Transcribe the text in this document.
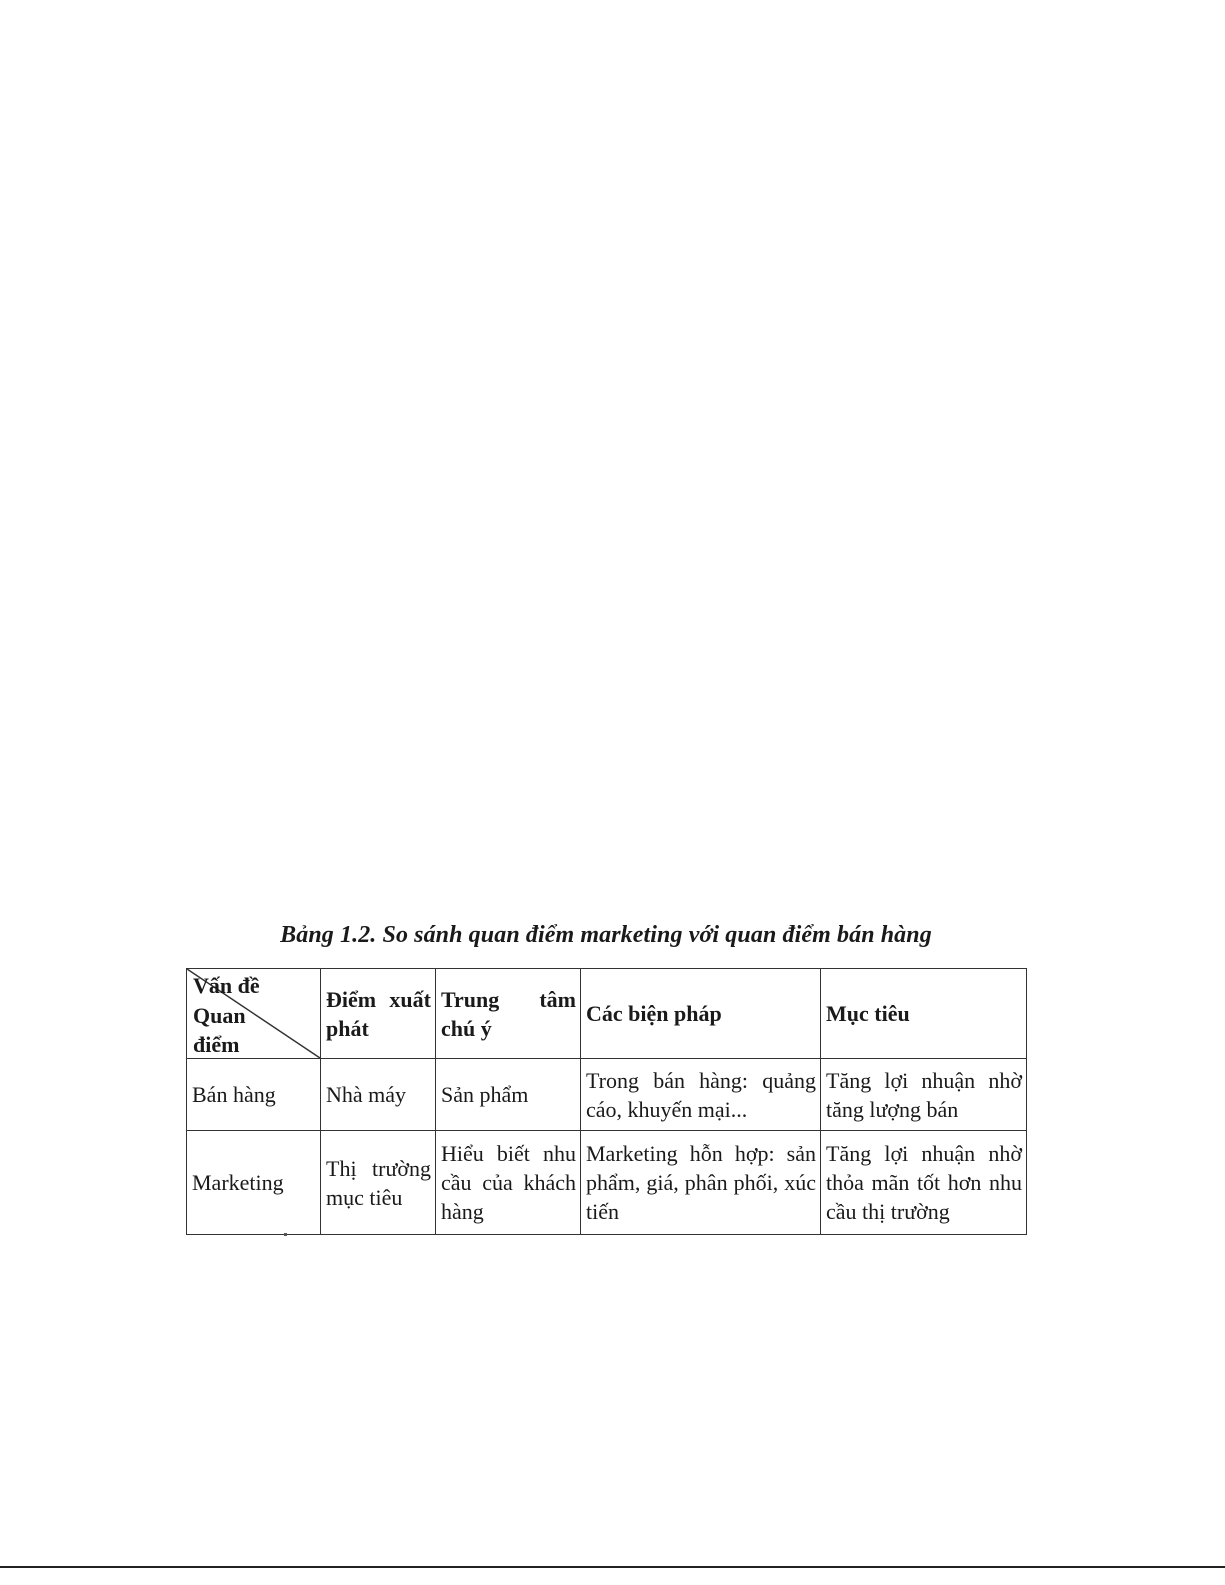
Bảng 1.2. So sánh quan điểm marketing với quan điểm bán hàng
Vấn đề
Quan điểm	Điểm xuất phát	Trung tâm chú ý	Các biện pháp	Mục tiêu
Bán hàng	Nhà máy	Sản phẩm	Trong bán hàng: quảng cáo, khuyến mại...	Tăng lợi nhuận nhờ tăng lượng bán
Marketing	Thị trường mục tiêu	Hiểu biết nhu cầu của khách hàng	Marketing hỗn hợp: sản phẩm, giá, phân phối, xúc tiến	Tăng lợi nhuận nhờ thỏa mãn tốt hơn nhu cầu thị trường
